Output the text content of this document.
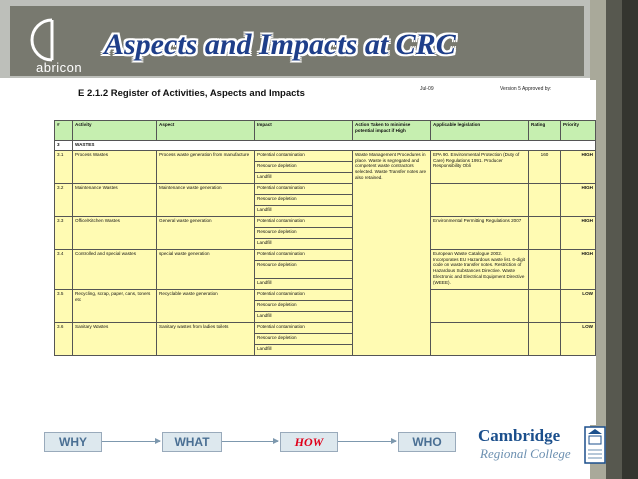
abricon
Aspects and Impacts at CRC
E 2.1.2 Register of Activities, Aspects and Impacts	Jul-09	Version 5 Approved by:
#	Activity	Aspect	Impact	Action Taken to minimise potential impact if High	Applicable legislation	Rating	Priority
3	WASTES						
3.1	Process Wastes	Process waste generation from manufacture	Potential contamination	Waste Management Procedures in place. Waste is segregated and competent waste contractors selected. Waste Transfer notes are also retained.	EPA 90. Environmental Protection (Duty of Care) Regulations 1991. Producer Responsibility Obli	160	HIGH
			Resource depletion				
			Landfill				
3.2	Maintenance Wastes	Maintenance waste generation	Potential contamination				HIGH
			Resource depletion				
			Landfill				
3.3	Office/Kitchen Wastes	General waste generation	Potential contamination		Environmental Permitting Regulations 2007		HIGH
			Resource depletion				
			Landfill				
3.4	Controlled and special wastes	special waste generation	Potential contamination		European Waste Catalogue 2002. Incorporates EU Hazardous waste list. 6-digit code on waste transfer notes. Restriction of Hazardous Substances Directive. Waste Electronic and Electrical Equipment Directive (WEEE).		HIGH
			Resource depletion				
			Landfill				
3.5	Recycling, scrap, paper, cans, toners etc	Recyclable waste generation	Potential contamination				LOW
			Resource depletion				
			Landfill				
3.6	Sanitary Wastes	Sanitary wastes from ladies toilets	Potential contamination				LOW
			Resource depletion				
			Landfill				
WHY	WHAT	HOW	WHO	Cambridge
Regional College
